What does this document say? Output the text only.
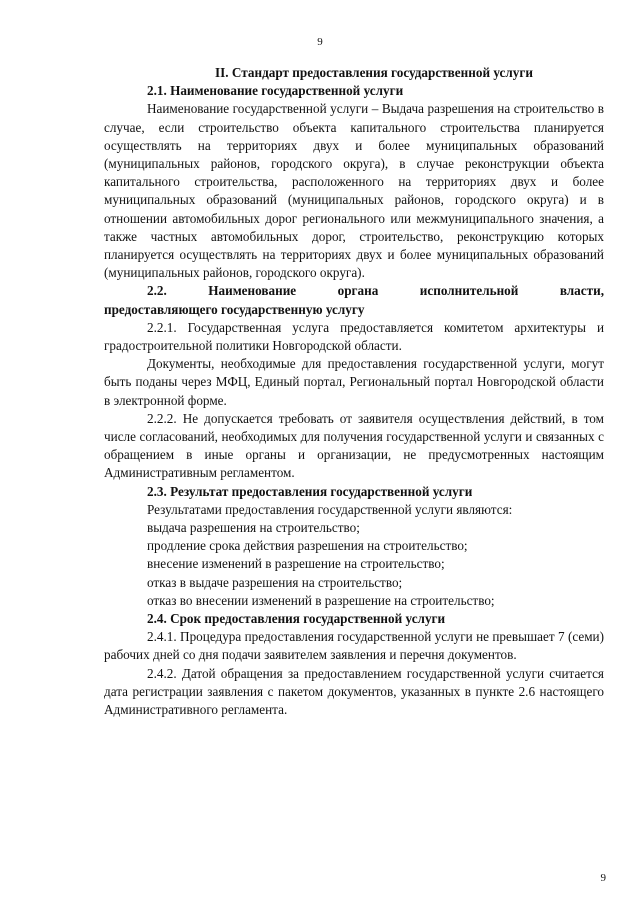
9

II. Стандарт предоставления государственной услуги

2.1. Наименование государственной услуги

Наименование государственной услуги – Выдача разрешения на строительство в случае, если строительство объекта капитального строительства планируется осуществлять на территориях двух и более муниципальных образований (муниципальных районов, городского округа), в случае реконструкции объекта капитального строительства, расположенного на территориях двух и более муниципальных образований (муниципальных районов, городского округа) и в отношении автомобильных дорог регионального или межмуниципального значения, а также частных автомобильных дорог, строительство, реконструкцию которых планируется осуществлять на территориях двух и более муниципальных образований (муниципальных районов, городского округа).

2.2. Наименование органа исполнительной власти,

предоставляющего государственную услугу

2.2.1. Государственная услуга предоставляется комитетом архитектуры и градостроительной политики Новгородской области.

Документы, необходимые для предоставления государственной услуги, могут быть поданы через МФЦ, Единый портал, Региональный портал Новгородской области в электронной форме.

2.2.2. Не допускается требовать от заявителя осуществления действий, в том числе согласований, необходимых для получения государственной услуги и связанных с обращением в иные органы и организации, не предусмотренных настоящим Административным регламентом.

2.3. Результат предоставления государственной услуги

Результатами предоставления государственной услуги являются:

выдача разрешения на строительство;

продление срока действия разрешения на строительство;

внесение изменений в разрешение на строительство;

отказ в выдаче разрешения на строительство;

отказ во внесении изменений в разрешение на строительство;

2.4. Срок предоставления государственной услуги

2.4.1. Процедура предоставления государственной услуги не превышает 7 (семи) рабочих дней со дня подачи заявителем заявления и перечня документов.

2.4.2. Датой обращения за предоставлением государственной услуги считается дата регистрации заявления с пакетом документов, указанных в пункте 2.6 настоящего Административного регламента.

9
